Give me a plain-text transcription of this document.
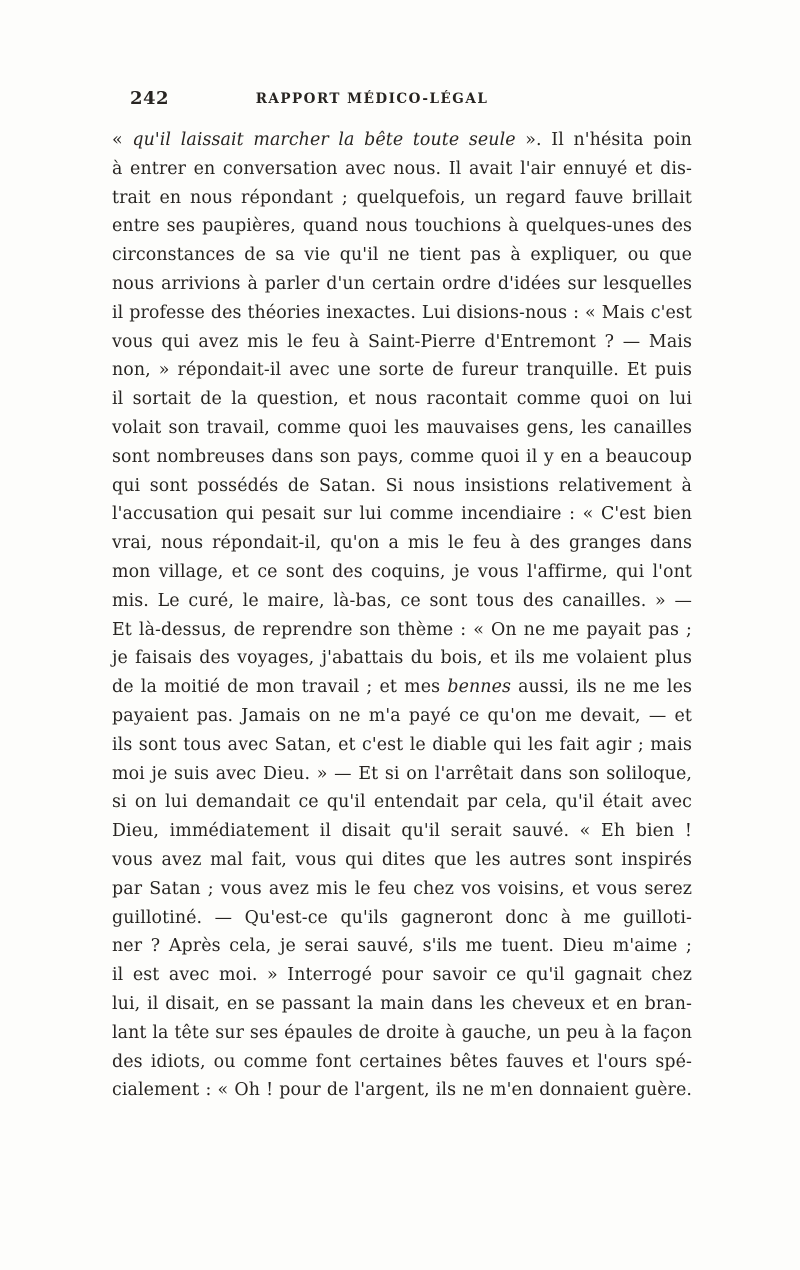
242	RAPPORT MÉDICO-LÉGAL
« qu'il laissait marcher la bête toute seule ». Il n'hésita poin
à entrer en conversation avec nous. Il avait l'air ennuyé et dis-
trait en nous répondant ; quelquefois, un regard fauve brillait
entre ses paupières, quand nous touchions à quelques-unes des
circonstances de sa vie qu'il ne tient pas à expliquer, ou que
nous arrivions à parler d'un certain ordre d'idées sur lesquelles
il professe des théories inexactes. Lui disions-nous : « Mais c'est
vous qui avez mis le feu à Saint-Pierre d'Entremont ? — Mais
non, » répondait-il avec une sorte de fureur tranquille. Et puis
il sortait de la question, et nous racontait comme quoi on lui
volait son travail, comme quoi les mauvaises gens, les canailles
sont nombreuses dans son pays, comme quoi il y en a beaucoup
qui sont possédés de Satan. Si nous insistions relativement à
l'accusation qui pesait sur lui comme incendiaire : « C'est bien
vrai, nous répondait-il, qu'on a mis le feu à des granges dans
mon village, et ce sont des coquins, je vous l'affirme, qui l'ont
mis. Le curé, le maire, là-bas, ce sont tous des canailles. » —
Et là-dessus, de reprendre son thème : « On ne me payait pas ;
je faisais des voyages, j'abattais du bois, et ils me volaient plus
de la moitié de mon travail ; et mes bennes aussi, ils ne me les
payaient pas. Jamais on ne m'a payé ce qu'on me devait, — et
ils sont tous avec Satan, et c'est le diable qui les fait agir ; mais
moi je suis avec Dieu. » — Et si on l'arrêtait dans son soliloque,
si on lui demandait ce qu'il entendait par cela, qu'il était avec
Dieu, immédiatement il disait qu'il serait sauvé. « Eh bien !
vous avez mal fait, vous qui dites que les autres sont inspirés
par Satan ; vous avez mis le feu chez vos voisins, et vous serez
guillotiné. — Qu'est-ce qu'ils gagneront donc à me guilloti-
ner ? Après cela, je serai sauvé, s'ils me tuent. Dieu m'aime ;
il est avec moi. » Interrogé pour savoir ce qu'il gagnait chez
lui, il disait, en se passant la main dans les cheveux et en bran-
lant la tête sur ses épaules de droite à gauche, un peu à la façon
des idiots, ou comme font certaines bêtes fauves et l'ours spé-
cialement : « Oh ! pour de l'argent, ils ne m'en donnaient guère.
